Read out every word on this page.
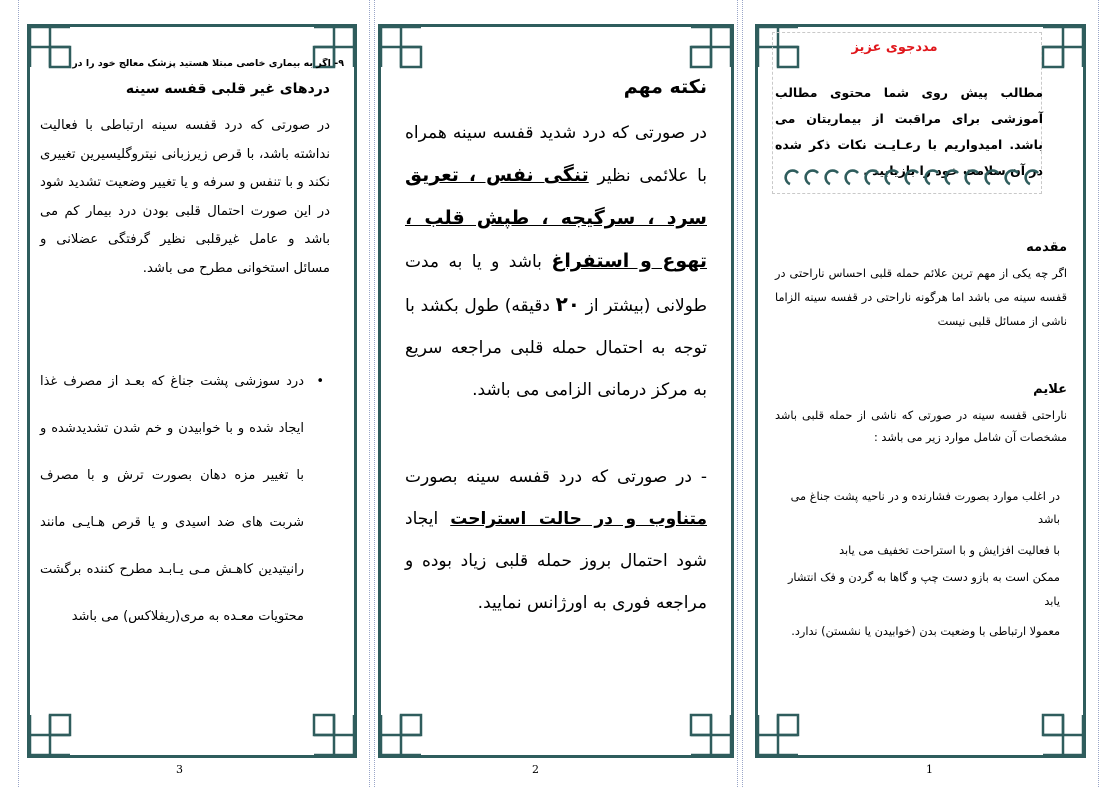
۹- اگر به بیماری خاصی مبتلا هستید پزشک معالج خود را در
دردهای غیر قلبی قفسه سینه
در صورتی که درد قفسه سینه ارتباطی با فعالیت نداشته باشد، با قرص زیرزبانی نیتروگلیسیرین تغییری نکند و با تنفس و سرفه و یا تغییر وضعیت تشدید شود در این صورت احتمال قلبی بودن درد بیمار کم می باشد و عامل غیرقلبی نظیر گرفتگی عضلانی و مسائل استخوانی مطرح می باشد.
• درد سوزشی پشت جناغ که بعـد از مصرف غذا ایجاد شده و با خوابیدن و خم شدن تشدیدشده و با تغییر مزه دهان بصورت ترش و با مصرف شربت های ضد اسیدی و یا قرص هـایـی مانند رانیتیدین کاهـش مـی یـابـد مطرح کننده برگشت محتویات معـده به مری(ریفلاکس) می باشد
نکته مهم
در صورتی که درد شدید قفسه سینه همراه با علائمی نظیر تنگی نفس ، تعریق سرد ، سرگیجه ، طپش قلب ، تهوع و استفراغ باشد و یا به مدت طولانی (بیشتر از ۲۰ دقیقه) طول بکشد با توجه به احتمال حمله قلبی مراجعه سریع به مرکز درمانی الزامی می باشد.
- در صورتی که درد قفسه سینه بصورت متناوب و در حالت استراحت ایجاد شود احتمال بروز حمله قلبی زیاد بوده و مراجعه فوری به اورژانس نمایید.
مددجوی عزیز
مطالب پیش روی شما محتوی مطالب آموزشی برای مراقبت از بیماریتان می باشد. امیدواریم با رعـایـت نکات ذکر شده در آن سلامت خود را بازیابید .
مقدمه
اگر چه یکی از مهم ترین علائم حمله قلبی احساس ناراحتی در قفسه سینه می باشد اما هرگونه ناراحتی در قفسه سینه الزاما ناشی از مسائل قلبی نیست
علایم
ناراحتی قفسه سینه در صورتی که ناشی از حمله قلبی باشد مشخصات آن شامل موارد زیر می باشد :
در اغلب موارد بصورت فشارنده و در ناحیه پشت جناغ می باشد
با فعالیت افزایش و با استراحت تخفیف می یابد
ممکن است به بازو دست چپ و گاها به گردن و فک انتشار یابد
معمولا ارتباطی با وضعیت بدن (خوابیدن یا نشستن) ندارد.
3	2	1
